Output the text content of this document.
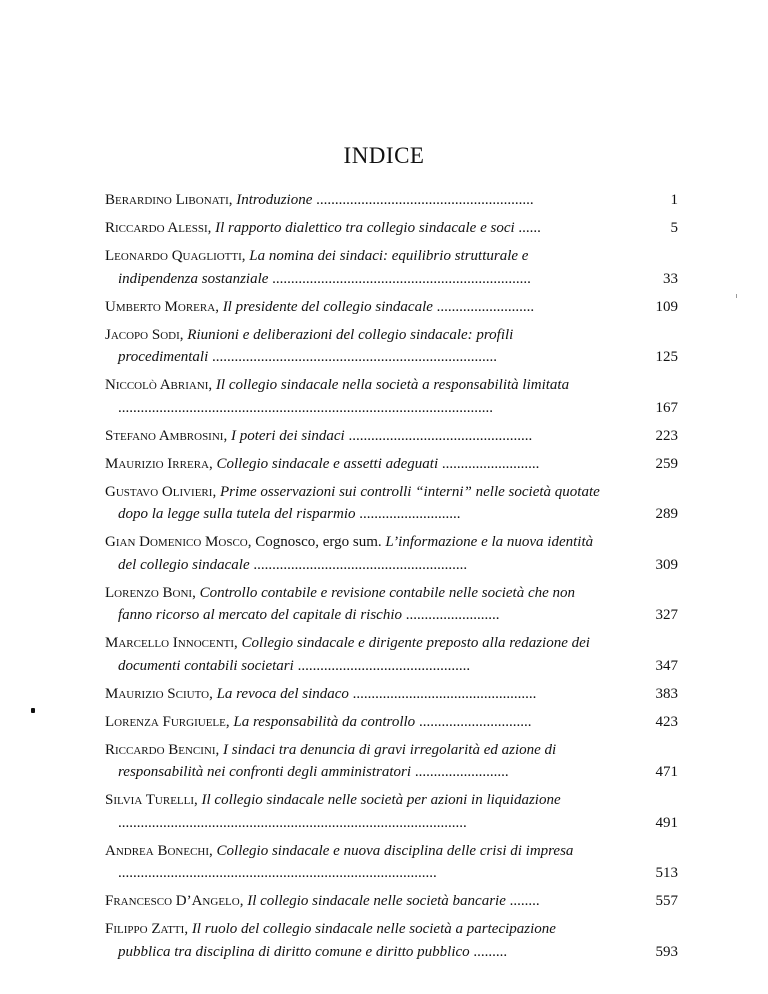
INDICE
Berardino Libonati, Introduzione ..........................................................	1
Riccardo Alessi, Il rapporto dialettico tra collegio sindacale e soci ......	5
Leonardo Quagliotti, La nomina dei sindaci: equilibrio strutturale e indipendenza sostanziale .....................................................................	33
Umberto Morera, Il presidente del collegio sindacale ..........................	109
Jacopo Sodi, Riunioni e deliberazioni del collegio sindacale: profili procedimentali ............................................................................	125
Niccolò Abriani, Il collegio sindacale nella società a responsabilità limitata ....................................................................................................	167
Stefano Ambrosini, I poteri dei sindaci .................................................	223
Maurizio Irrera, Collegio sindacale e assetti adeguati ..........................	259
Gustavo Olivieri, Prime osservazioni sui controlli “interni” nelle società quotate dopo la legge sulla tutela del risparmio ...........................	289
Gian Domenico Mosco, Cognosco, ergo sum. L’informazione e la nuova identità del collegio sindacale .........................................................	309
Lorenzo Boni, Controllo contabile e revisione contabile nelle società che non fanno ricorso al mercato del capitale di rischio .........................	327
Marcello Innocenti, Collegio sindacale e dirigente preposto alla redazione dei documenti contabili societari ..............................................	347
Maurizio Sciuto, La revoca del sindaco .................................................	383
Lorenza Furgiuele, La responsabilità da controllo ..............................	423
Riccardo Bencini, I sindaci tra denuncia di gravi irregolarità ed azione di responsabilità nei confronti degli amministratori .........................	471
Silvia Turelli, Il collegio sindacale nelle società per azioni in liquidazione .............................................................................................	491
Andrea Bonechi, Collegio sindacale e nuova disciplina delle crisi di impresa .....................................................................................	513
Francesco D’Angelo, Il collegio sindacale nelle società bancarie ........	557
Filippo Zatti, Il ruolo del collegio sindacale nelle società a partecipazione pubblica tra disciplina di diritto comune e diritto pubblico .........	593
